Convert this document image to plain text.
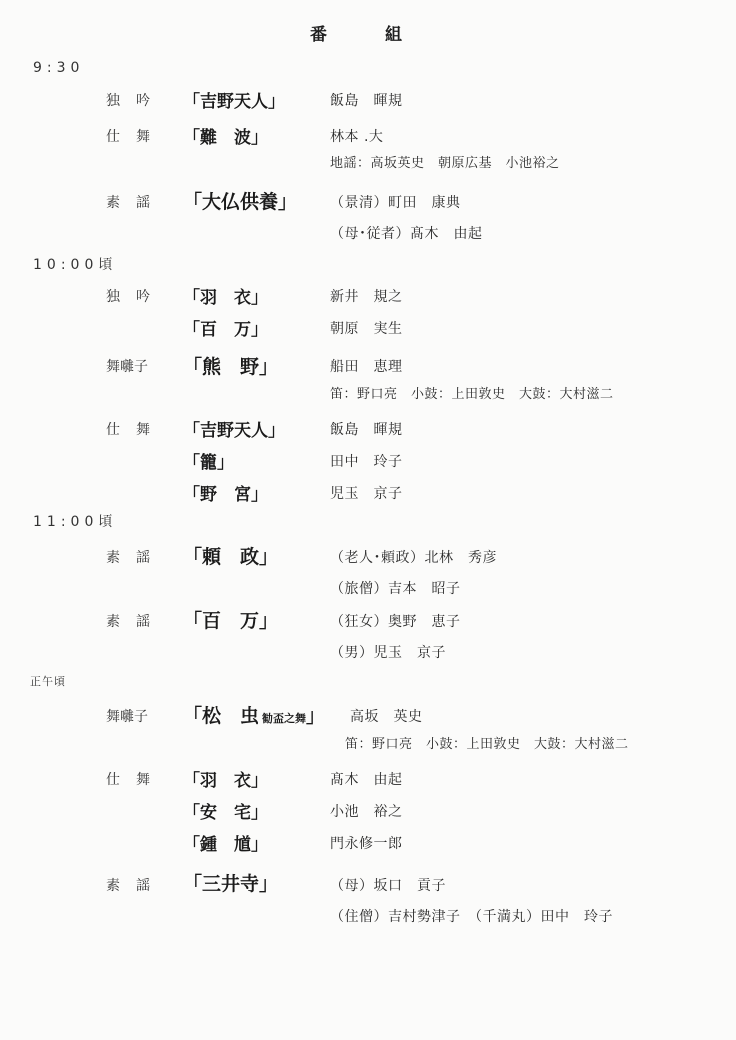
番	組
9:30
独　吟 「吉野天人」	飯島　暉規
仕　舞 「難　波」	林本 .大
地謡：高坂英史　朝原広基　小池裕之
素　謡 「大仏供養」 （景清）町田　康典
（母･従者）髙木　由起
10:00頃
独　吟 「羽　衣」	新井　規之
「百　万」	朝原　実生
舞囃子 「熊　野」	船田　恵理
笛：野口亮　小鼓：上田敦史　大鼓：大村滋二
仕　舞 「吉野天人」	飯島　暉規
「籠」	田中　玲子
「野　宮」	児玉　京子
11:00頃
素　謡 「頼　政」	（老人･頼政）北林　秀彦
（旅僧）吉本　昭子
素　謡 「百　万」	（狂女）奥野　恵子
（男）児玉　京子
正午頃
舞囃子 「松　虫 勧盃之舞」 高坂　英史
笛：野口亮　小鼓：上田敦史　大鼓：大村滋二
仕　舞 「羽　衣」	髙木　由起
「安　宅」	小池　裕之
「鍾　馗」	門永修一郎
素　謡 「三井寺」	（母）坂口　貢子
（住僧）吉村勢津子　（千満丸）田中　玲子
